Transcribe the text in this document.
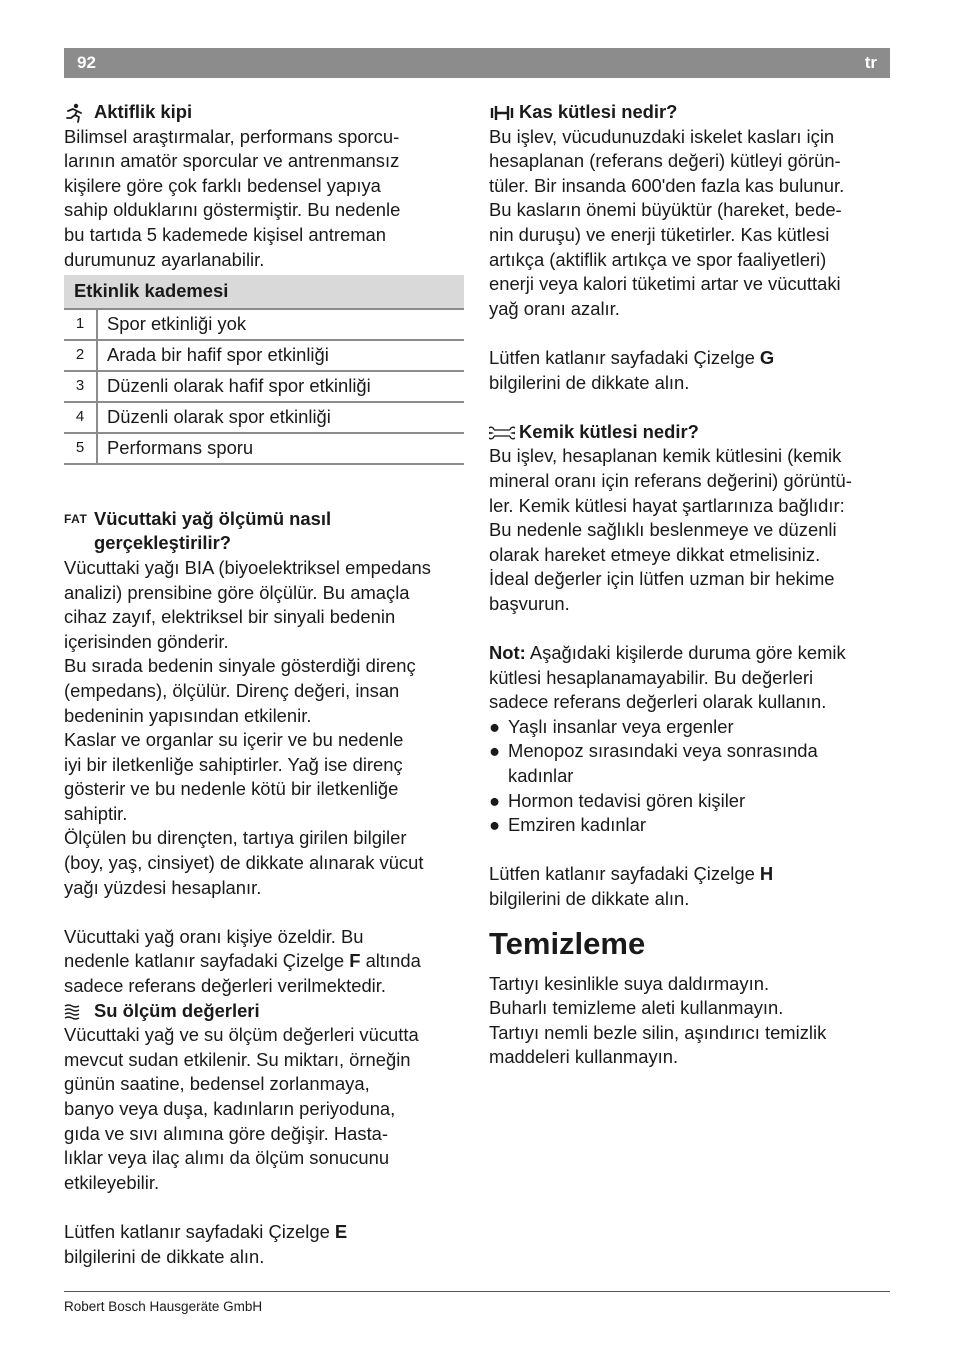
92	tr
Aktiflik kipi

Bilimsel araştırmalar, performans sporcu-

larının amatör sporcular ve antrenmansız

kişilere göre çok farklı bedensel yapıya

sahip olduklarını göstermiştir. Bu nedenle

bu tartıda 5 kademede kişisel antreman

durumunuz ayarlanabilir.

Etkinlik kademesi	
1	Spor etkinliği yok
2	Arada bir hafif spor etkinliği
3	Düzenli olarak hafif spor etkinliği
4	Düzenli olarak spor etkinliği
5	Performans sporu
FAT Vücuttaki yağ ölçümü nasıl
gerçekleştirilir?

Vücuttaki yağı BIA (biyoelektriksel empedans

analizi) prensibine göre ölçülür. Bu amaçla

cihaz zayıf, elektriksel bir sinyali bedenin

içerisinden gönderir.

Bu sırada bedenin sinyale gösterdiği direnç

(empedans), ölçülür. Direnç değeri, insan

bedeninin yapısından etkilenir.

Kaslar ve organlar su içerir ve bu nedenle

iyi bir iletkenliğe sahiptirler. Yağ ise direnç

gösterir ve bu nedenle kötü bir iletkenliğe

sahiptir.

Ölçülen bu dirençten, tartıya girilen bilgiler

(boy, yaş, cinsiyet) de dikkate alınarak vücut

yağı yüzdesi hesaplanır.

Vücuttaki yağ oranı kişiye özeldir. Bu

nedenle katlanır sayfadaki Çizelge F altında

sadece referans değerleri verilmektedir.

Su ölçüm değerleri

Vücuttaki yağ ve su ölçüm değerleri vücutta

mevcut sudan etkilenir. Su miktarı, örneğin

günün saatine, bedensel zorlanmaya,

banyo veya duşa, kadınların periyoduna,

gıda ve sıvı alımına göre değişir. Hasta-

lıklar veya ilaç alımı da ölçüm sonucunu

etkileyebilir.

Lütfen katlanır sayfadaki Çizelge E

bilgilerini de dikkate alın.

Kas kütlesi nedir?

Bu işlev, vücudunuzdaki iskelet kasları için

hesaplanan (referans değeri) kütleyi görün-

tüler. Bir insanda 600'den fazla kas bulunur.

Bu kasların önemi büyüktür (hareket, bede-

nin duruşu) ve enerji tüketirler. Kas kütlesi

artıkça (aktiflik artıkça ve spor faaliyetleri)

enerji veya kalori tüketimi artar ve vücuttaki

yağ oranı azalır.

Lütfen katlanır sayfadaki Çizelge G

bilgilerini de dikkate alın.

Kemik kütlesi nedir?

Bu işlev, hesaplanan kemik kütlesini (kemik

mineral oranı için referans değerini) görüntü-

ler. Kemik kütlesi hayat şartlarınıza bağlıdır:

Bu nedenle sağlıklı beslenmeye ve düzenli

olarak hareket etmeye dikkat etmelisiniz.

İdeal değerler için lütfen uzman bir hekime

başvurun.

Not: Aşağıdaki kişilerde duruma göre kemik

kütlesi hesaplanamayabilir. Bu değerleri

sadece referans değerleri olarak kullanın.

● Yaşlı insanlar veya ergenler
● Menopoz sırasındaki veya sonrasında
kadınlar
● Hormon tedavisi gören kişiler
● Emziren kadınlar

Lütfen katlanır sayfadaki Çizelge H

bilgilerini de dikkate alın.

Temizleme

Tartıyı kesinlikle suya daldırmayın.

Buharlı temizleme aleti kullanmayın.

Tartıyı nemli bezle silin, aşındırıcı temizlik

maddeleri kullanmayın.

Robert Bosch Hausgeräte GmbH
